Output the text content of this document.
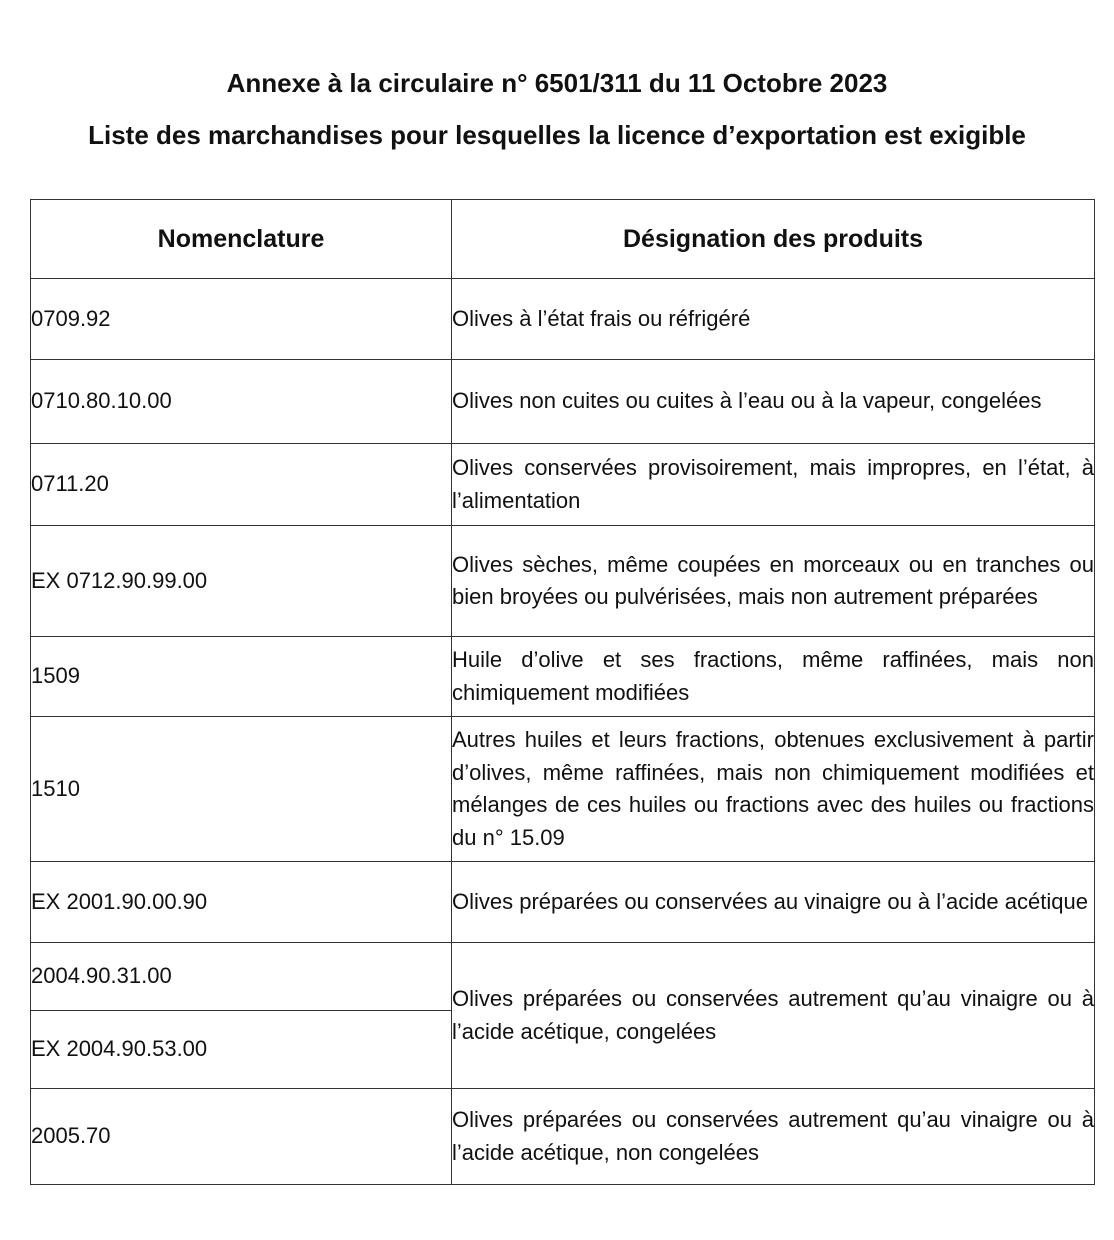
Annexe à la circulaire n° 6501/311 du 11 Octobre 2023
Liste des marchandises pour lesquelles la licence d’exportation est exigible
Nomenclature	Désignation des produits
0709.92	Olives à l’état frais ou réfrigéré
0710.80.10.00	Olives non cuites ou cuites à l’eau ou à la vapeur, congelées
0711.20	Olives conservées provisoirement, mais impropres, en l’état, à l’alimentation
EX 0712.90.99.00	Olives sèches, même coupées en morceaux ou en tranches ou bien broyées ou pulvérisées, mais non autrement préparées
1509	Huile d’olive et ses fractions, même raffinées, mais non chimiquement modifiées
1510	Autres huiles et leurs fractions, obtenues exclusivement à partir d’olives, même raffinées, mais non chimiquement modifiées et mélanges de ces huiles ou fractions avec des huiles ou fractions du n° 15.09
EX 2001.90.00.90	Olives préparées ou conservées au vinaigre ou à l’acide acétique
2004.90.31.00	Olives préparées ou conservées autrement qu’au vinaigre ou à l’acide acétique, congelées
EX 2004.90.53.00	
2005.70	Olives préparées ou conservées autrement qu’au vinaigre ou à l’acide acétique, non congelées
